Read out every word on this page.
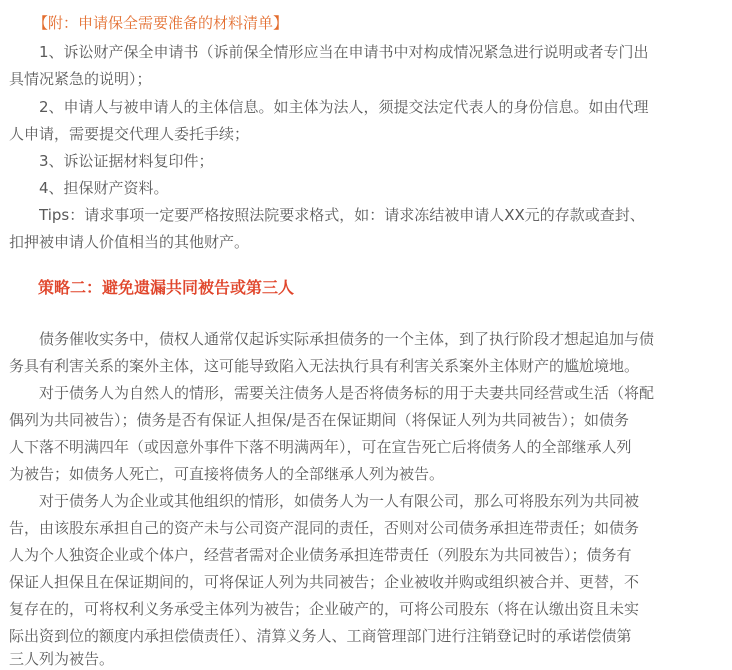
【附：申请保全需要准备的材料清单】
1、诉讼财产保全申请书（诉前保全情形应当在申请书中对构成情况紧急进行说明或者专门出
具情况紧急的说明）；
2、申请人与被申请人的主体信息。如主体为法人，须提交法定代表人的身份信息。如由代理
人申请，需要提交代理人委托手续；
3、诉讼证据材料复印件；
4、担保财产资料。
Tips：请求事项一定要严格按照法院要求格式，如：请求冻结被申请人XX元的存款或查封、
扣押被申请人价值相当的其他财产。
策略二：避免遗漏共同被告或第三人
债务催收实务中，债权人通常仅起诉实际承担债务的一个主体，到了执行阶段才想起追加与债
务具有利害关系的案外主体，这可能导致陷入无法执行具有利害关系案外主体财产的尴尬境地。
对于债务人为自然人的情形，需要关注债务人是否将债务标的用于夫妻共同经营或生活（将配
偶列为共同被告）；债务是否有保证人担保/是否在保证期间（将保证人列为共同被告）；如债务
人下落不明满四年（或因意外事件下落不明满两年），可在宣告死亡后将债务人的全部继承人列
为被告；如债务人死亡，可直接将债务人的全部继承人列为被告。
对于债务人为企业或其他组织的情形，如债务人为一人有限公司，那么可将股东列为共同被
告，由该股东承担自己的资产未与公司资产混同的责任，否则对公司债务承担连带责任；如债务
人为个人独资企业或个体户，经营者需对企业债务承担连带责任（列股东为共同被告）；债务有
保证人担保且在保证期间的，可将保证人列为共同被告；企业被收并购或组织被合并、更替，不
复存在的，可将权利义务承受主体列为被告；企业破产的，可将公司股东（将在认缴出资且未实
际出资到位的额度内承担偿债责任）、清算义务人、工商管理部门进行注销登记时的承诺偿债第
三人列为被告。
